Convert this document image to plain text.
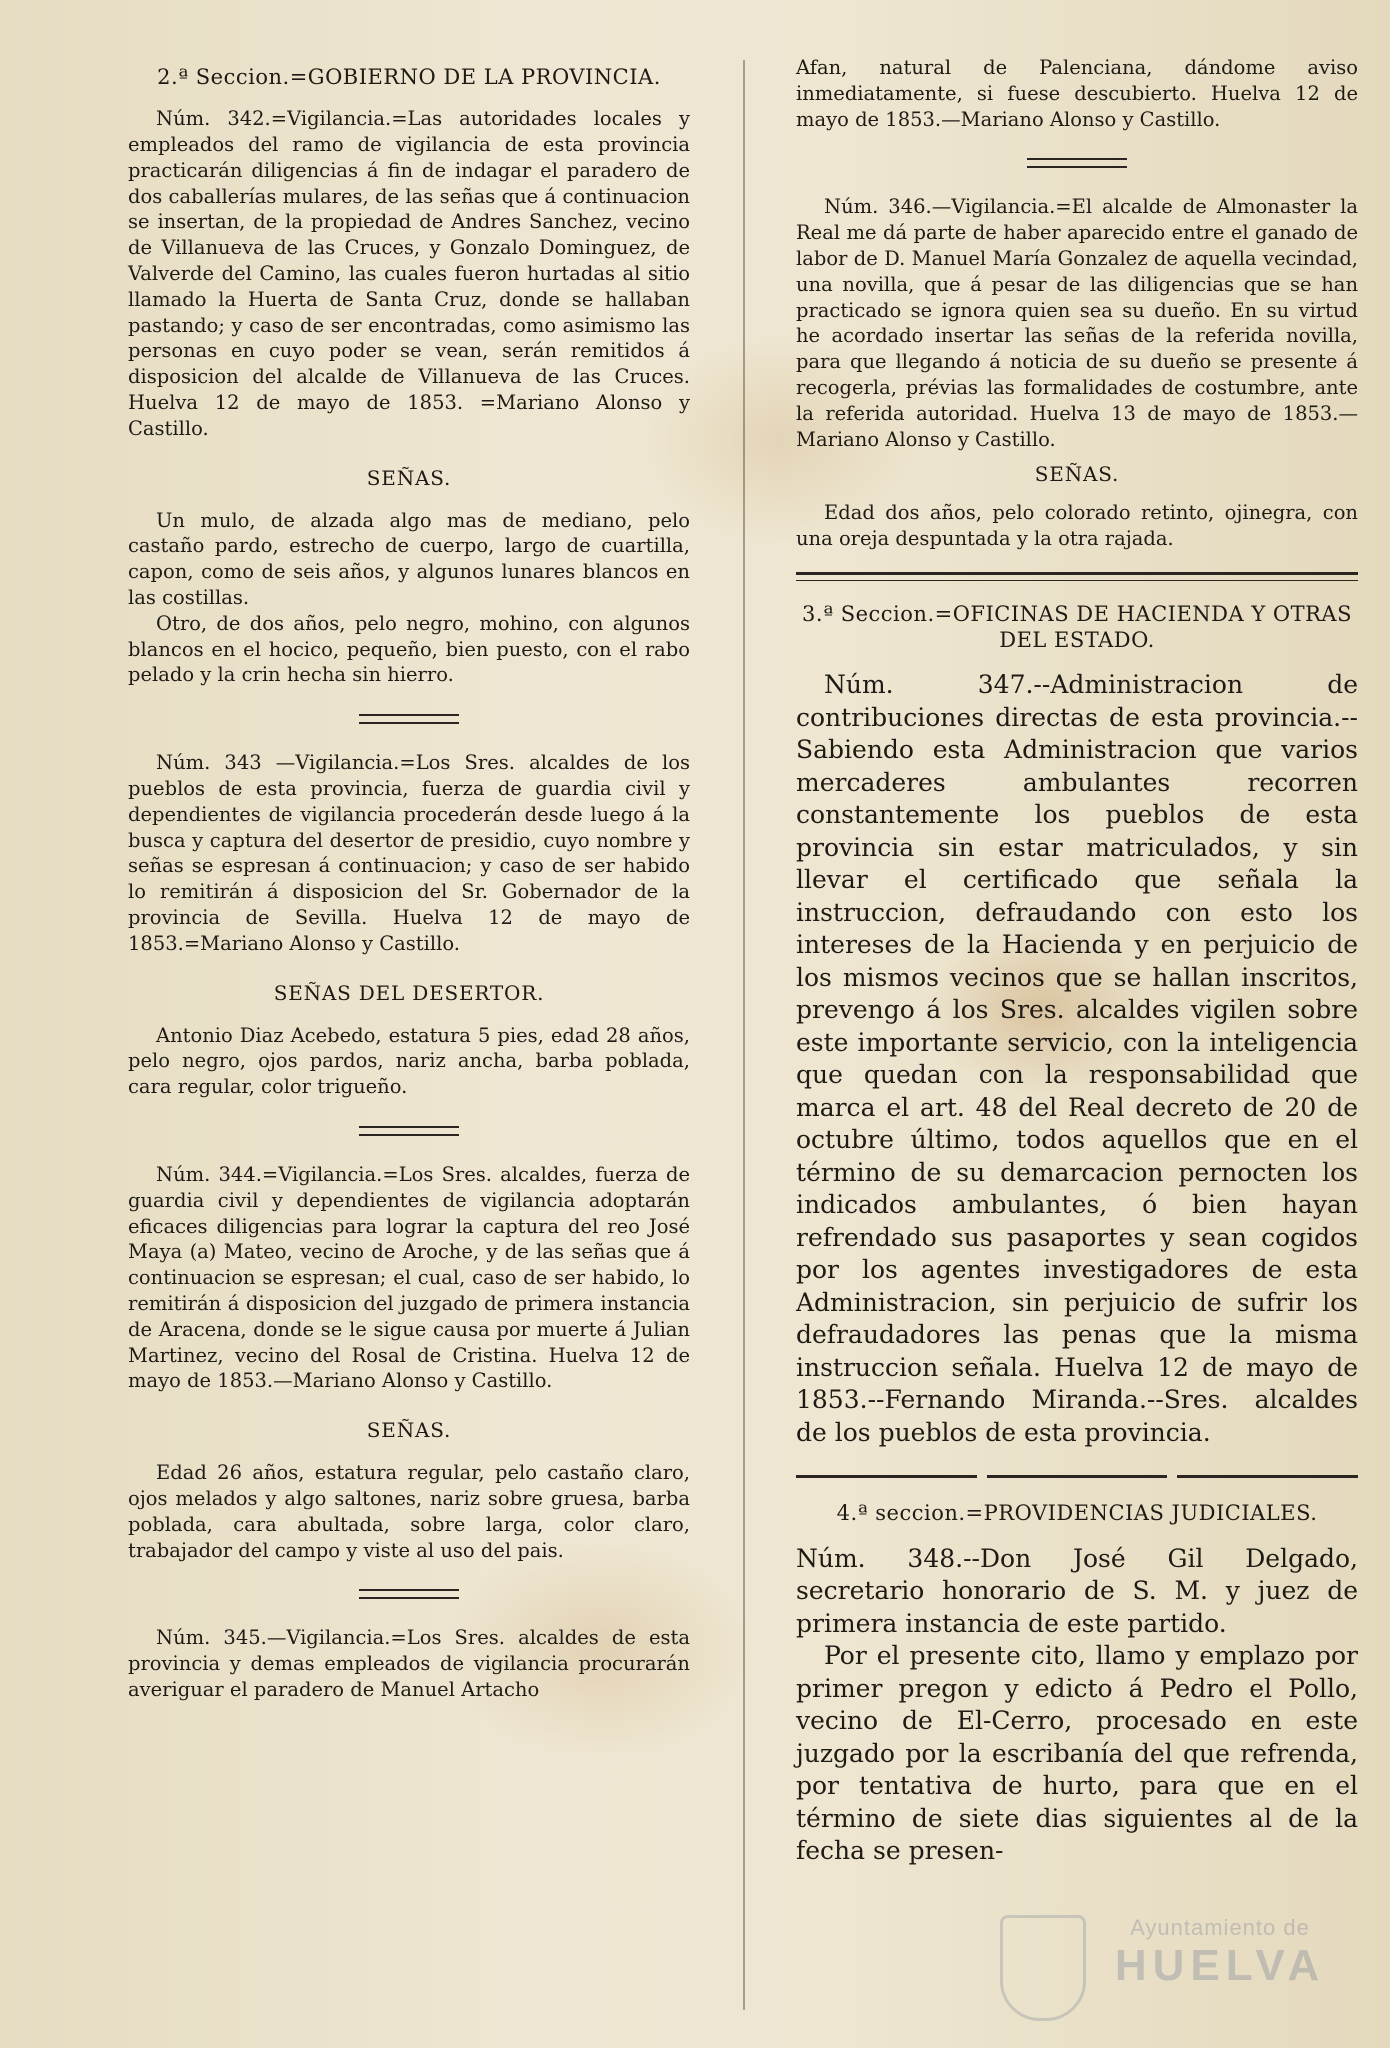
2.ª Seccion.=GOBIERNO DE LA PROVINCIA.

Núm. 342.=Vigilancia.=Las autoridades locales y empleados del ramo de vigilancia de esta provincia practicarán diligencias á fin de indagar el paradero de dos caballerías mulares, de las señas que á continuacion se insertan, de la propiedad de Andres Sanchez, vecino de Villanueva de las Cruces, y Gonzalo Dominguez, de Valverde del Camino, las cuales fueron hurtadas al sitio llamado la Huerta de Santa Cruz, donde se hallaban pastando; y caso de ser encontradas, como asimismo las personas en cuyo poder se vean, serán remitidos á disposicion del alcalde de Villanueva de las Cruces. Huelva 12 de mayo de 1853. =Mariano Alonso y Castillo.

SEÑAS.

Un mulo, de alzada algo mas de mediano, pelo castaño pardo, estrecho de cuerpo, largo de cuartilla, capon, como de seis años, y algunos lunares blancos en las costillas.

Otro, de dos años, pelo negro, mohino, con algunos blancos en el hocico, pequeño, bien puesto, con el rabo pelado y la crin hecha sin hierro.

Núm. 343 —Vigilancia.=Los Sres. alcaldes de los pueblos de esta provincia, fuerza de guardia civil y dependientes de vigilancia procederán desde luego á la busca y captura del desertor de presidio, cuyo nombre y señas se espresan á continuacion; y caso de ser habido lo remitirán á disposicion del Sr. Gobernador de la provincia de Sevilla. Huelva 12 de mayo de 1853.=Mariano Alonso y Castillo.

SEÑAS DEL DESERTOR.

Antonio Diaz Acebedo, estatura 5 pies, edad 28 años, pelo negro, ojos pardos, nariz ancha, barba poblada, cara regular, color trigueño.

Núm. 344.=Vigilancia.=Los Sres. alcaldes, fuerza de guardia civil y dependientes de vigilancia adoptarán eficaces diligencias para lograr la captura del reo José Maya (a) Mateo, vecino de Aroche, y de las señas que á continuacion se espresan; el cual, caso de ser habido, lo remitirán á disposicion del juzgado de primera instancia de Aracena, donde se le sigue causa por muerte á Julian Martinez, vecino del Rosal de Cristina. Huelva 12 de mayo de 1853.—Mariano Alonso y Castillo.

SEÑAS.

Edad 26 años, estatura regular, pelo castaño claro, ojos melados y algo saltones, nariz sobre gruesa, barba poblada, cara abultada, sobre larga, color claro, trabajador del campo y viste al uso del pais.

Núm. 345.—Vigilancia.=Los Sres. alcaldes de esta provincia y demas empleados de vigilancia procurarán averiguar el paradero de Manuel Artacho

Afan, natural de Palenciana, dándome aviso inmediatamente, si fuese descubierto. Huelva 12 de mayo de 1853.—Mariano Alonso y Castillo.

Núm. 346.—Vigilancia.=El alcalde de Almonaster la Real me dá parte de haber aparecido entre el ganado de labor de D. Manuel María Gonzalez de aquella vecindad, una novilla, que á pesar de las diligencias que se han practicado se ignora quien sea su dueño. En su virtud he acordado insertar las señas de la referida novilla, para que llegando á noticia de su dueño se presente á recogerla, prévias las formalidades de costumbre, ante la referida autoridad. Huelva 13 de mayo de 1853.—Mariano Alonso y Castillo.

SEÑAS.

Edad dos años, pelo colorado retinto, ojinegra, con una oreja despuntada y la otra rajada.

3.ª Seccion.=OFICINAS DE HACIENDA Y OTRAS DEL ESTADO.

Núm. 347.--Administracion de contribuciones directas de esta provincia.--Sabiendo esta Administracion que varios mercaderes ambulantes recorren constantemente los pueblos de esta provincia sin estar matriculados, y sin llevar el certificado que señala la instruccion, defraudando con esto los intereses de la Hacienda y en perjuicio de los mismos vecinos que se hallan inscritos, prevengo á los Sres. alcaldes vigilen sobre este importante servicio, con la inteligencia que quedan con la responsabilidad que marca el art. 48 del Real decreto de 20 de octubre último, todos aquellos que en el término de su demarcacion pernocten los indicados ambulantes, ó bien hayan refrendado sus pasaportes y sean cogidos por los agentes investigadores de esta Administracion, sin perjuicio de sufrir los defraudadores las penas que la misma instruccion señala. Huelva 12 de mayo de 1853.--Fernando Miranda.--Sres. alcaldes de los pueblos de esta provincia.

4.ª seccion.=PROVIDENCIAS JUDICIALES.

Núm. 348.--Don José Gil Delgado, secretario honorario de S. M. y juez de primera instancia de este partido.

Por el presente cito, llamo y emplazo por primer pregon y edicto á Pedro el Pollo, vecino de El-Cerro, procesado en este juzgado por la escribanía del que refrenda, por tentativa de hurto, para que en el término de siete dias siguientes al de la fecha se presen-

Ayuntamiento de
HUELVA
